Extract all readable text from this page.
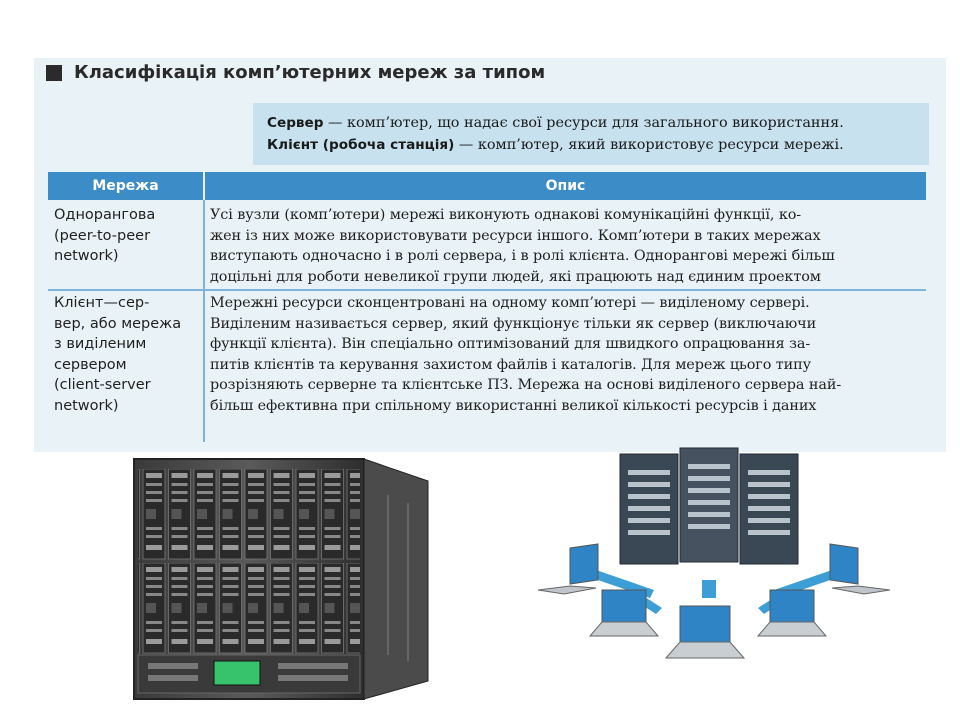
Класифікація комп’ютерних мереж за типом
Сервер — комп’ютер, що надає свої ресурси для загального використання.
Клієнт (робоча станція) — комп’ютер, який використовує ресурси мережі.
Мережа	Опис
Однорангова
(peer-to-peer
network)
Усі вузли (комп’ютери) мережі виконують однакові комунікаційні функції, ко-
жен із них може використовувати ресурси іншого. Комп’ютери в таких мережах
виступають одночасно і в ролі сервера, і в ролі клієнта. Однорангові мережі більш
доцільні для роботи невеликої групи людей, які працюють над єдиним проектом
Клієнт—сер-
вер, або мережа
з виділеним
сервером
(client-server
network)
Мережні ресурси сконцентровані на одному комп’ютері — виділеному сервері.
Виділеним називається сервер, який функціонує тільки як сервер (виключаючи
функції клієнта). Він спеціально оптимізований для швидкого опрацювання за-
питів клієнтів та керування захистом файлів і каталогів. Для мереж цього типу
розрізняють серверне та клієнтське ПЗ. Мережа на основі виділеного сервера най-
більш ефективна при спільному використанні великої кількості ресурсів і даних
